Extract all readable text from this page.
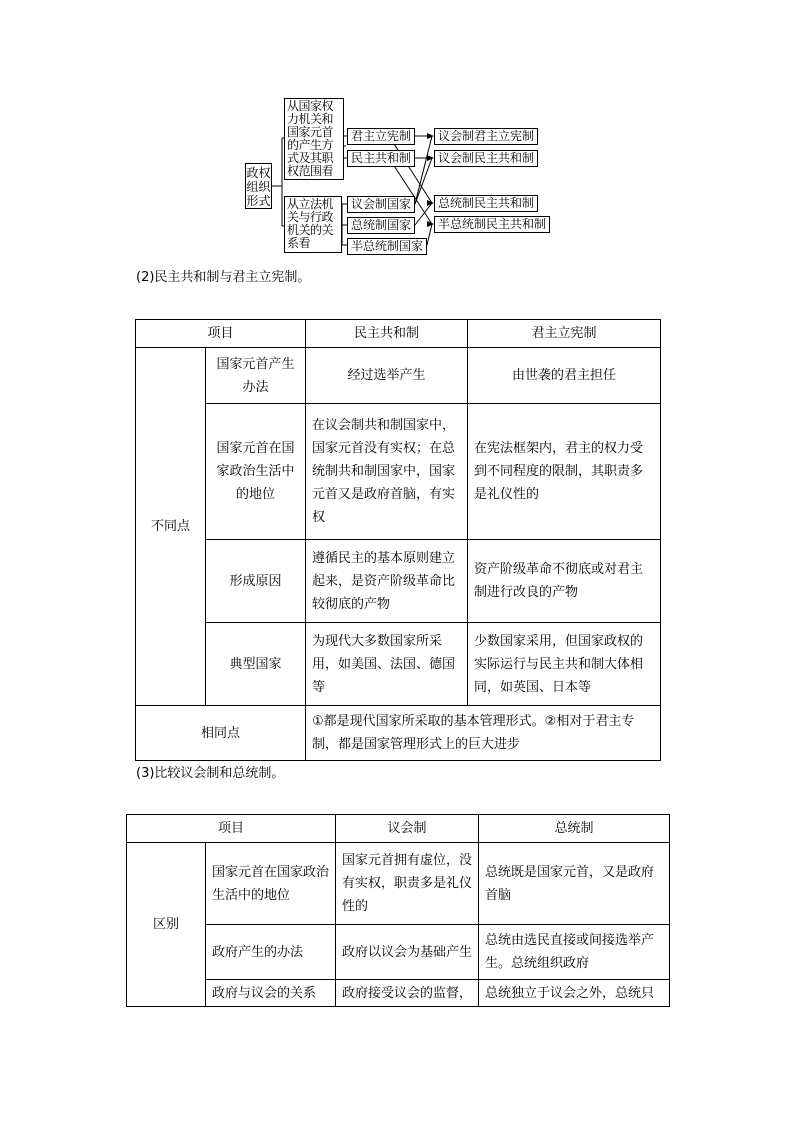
政权组织形式
从国家权力机关和国家元首的产生方式及其职权范围看
从立法机关与行政机关的关系看
君主立宪制
民主共和制
议会制国家
总统制国家
半总统制国家
议会制君主立宪制
议会制民主共和制
总统制民主共和制
半总统制民主共和制
(2)民主共和制与君主立宪制。
项目		民主共和制	君主立宪制
不同点	国家元首产生办法	经过选举产生	由世袭的君主担任
	国家元首在国家政治生活中的地位	在议会制共和制国家中，国家元首没有实权；在总统制共和制国家中，国家元首又是政府首脑，有实权	在宪法框架内，君主的权力受到不同程度的限制，其职责多是礼仪性的
	形成原因	遵循民主的基本原则建立起来，是资产阶级革命比较彻底的产物	资产阶级革命不彻底或对君主制进行改良的产物
	典型国家	为现代大多数国家所采用，如美国、法国、德国等	少数国家采用，但国家政权的实际运行与民主共和制大体相同，如英国、日本等
相同点		①都是现代国家所采取的基本管理形式。②相对于君主专制，都是国家管理形式上的巨大进步	
(3)比较议会制和总统制。
项目		议会制	总统制
区别	国家元首在国家政治生活中的地位	国家元首拥有虚位，没有实权，职责多是礼仪性的	总统既是国家元首，又是政府首脑
	政府产生的办法	政府以议会为基础产生	总统由选民直接或间接选举产生。总统组织政府
	政府与议会的关系	政府接受议会的监督，	总统独立于议会之外，总统只
